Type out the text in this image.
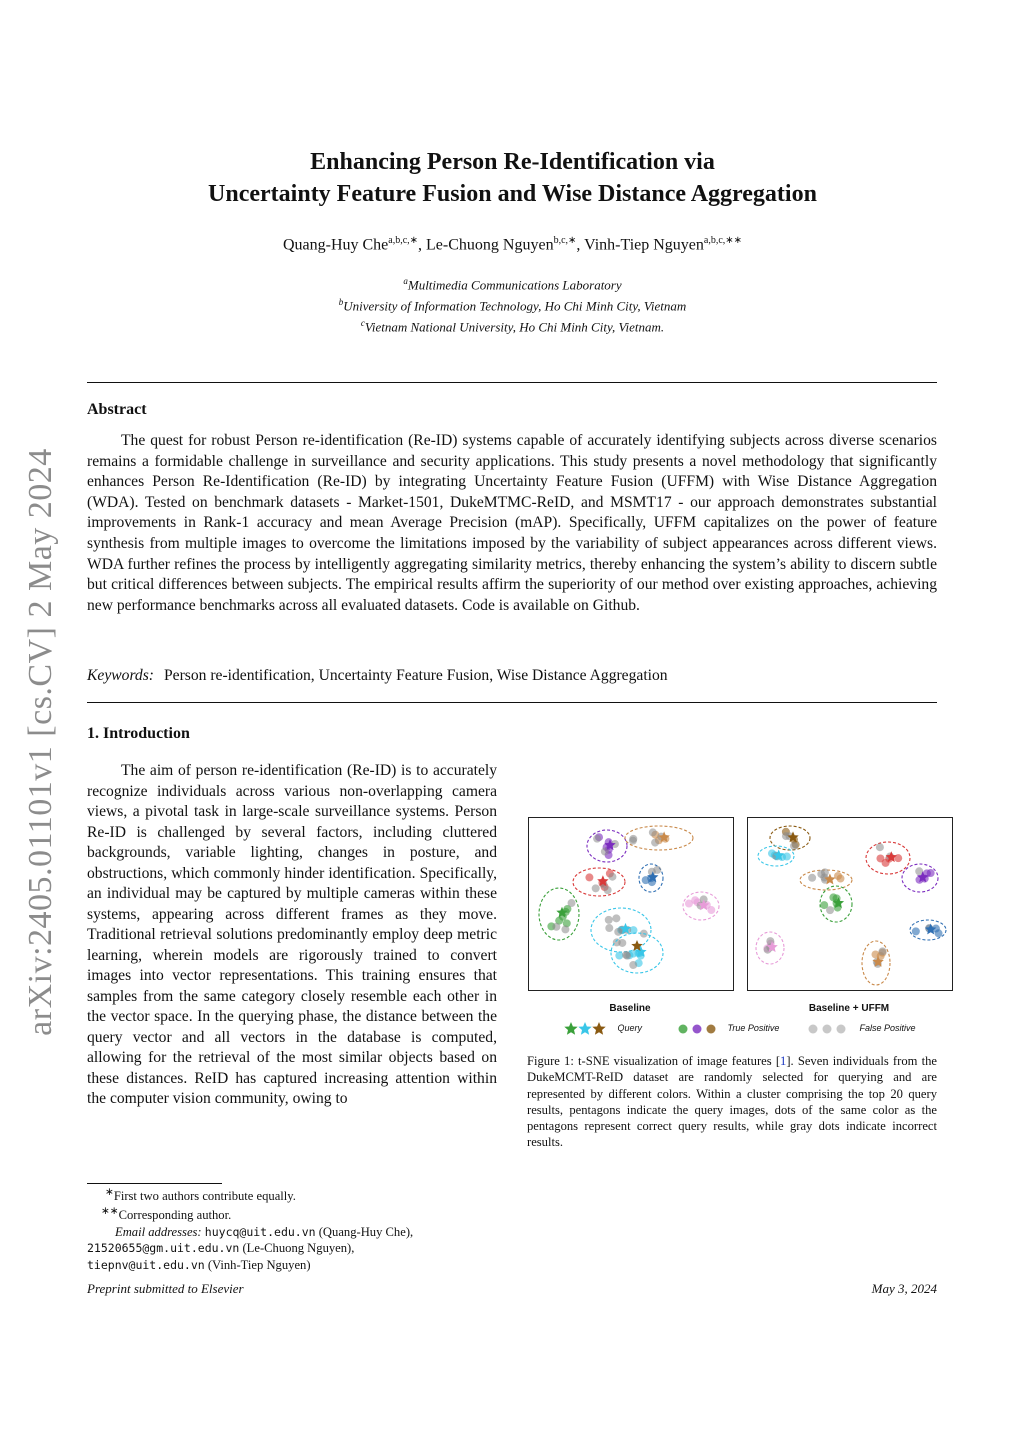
arXiv:2405.01101v1 [cs.CV] 2 May 2024
Enhancing Person Re-Identification via
Uncertainty Feature Fusion and Wise Distance Aggregation
Quang-Huy Che$^{a,b,c,∗}$, Le-Chuong Nguyen$^{b,c,∗}$, Vinh-Tiep Nguyen$^{a,b,c,∗∗}$
$^a$Multimedia Communications Laboratory
$^b$University of Information Technology, Ho Chi Minh City, Vietnam
$^c$Vietnam National University, Ho Chi Minh City, Vietnam.
Abstract

The quest for robust Person re-identification (Re-ID) systems capable of accurately identifying subjects across diverse scenarios remains a formidable challenge in surveillance and security applications. This study presents a novel methodology that significantly enhances Person Re-Identification (Re-ID) by integrating Uncertainty Feature Fusion (UFFM) with Wise Distance Aggregation (WDA). Tested on benchmark datasets - Market-1501, DukeMTMC-ReID, and MSMT17 - our approach demonstrates substantial improvements in Rank-1 accuracy and mean Average Precision (mAP). Specifically, UFFM capitalizes on the power of feature synthesis from multiple images to overcome the limitations imposed by the variability of subject appearances across different views. WDA further refines the process by intelligently aggregating similarity metrics, thereby enhancing the system’s ability to discern subtle but critical differences between subjects. The empirical results affirm the superiority of our method over existing approaches, achieving new performance benchmarks across all evaluated datasets. Code is available on Github.

Keywords: Person re-identification, Uncertainty Feature Fusion, Wise Distance Aggregation
1. Introduction

The aim of person re-identification (Re-ID) is to accurately recognize individuals across various non-overlapping camera views, a pivotal task in large-scale surveillance systems. Person Re-ID is challenged by several factors, including cluttered backgrounds, variable lighting, changes in posture, and obstructions, which commonly hinder identification. Specifically, an individual may be captured by multiple cameras within these systems, appearing across different frames as they move. Traditional retrieval solutions predominantly employ deep metric learning, wherein models are rigorously trained to convert images into vector representations. This training ensures that samples from the same category closely resemble each other in the vector space. In the querying phase, the distance between the query vector and all vectors in the database is computed, allowing for the retrieval of the most similar objects based on these distances. ReID has captured increasing attention within the computer vision community, owing to

Baseline	Baseline + UFFM
Query	True Positive	False Positive

Figure 1: t-SNE visualization of image features [1]. Seven individuals from the DukeMCMT-ReID dataset are randomly selected for querying and are represented by different colors. Within a cluster comprising the top 20 query results, pentagons indicate the query images, dots of the same color as the pentagons represent correct query results, while gray dots indicate incorrect results.

∗First two authors contribute equally.
∗∗Corresponding author.
Email addresses: huycq@uit.edu.vn (Quang-Huy Che),
21520655@gm.uit.edu.vn (Le-Chuong Nguyen),
tiepnv@uit.edu.vn (Vinh-Tiep Nguyen)
Preprint submitted to Elsevier	May 3, 2024
